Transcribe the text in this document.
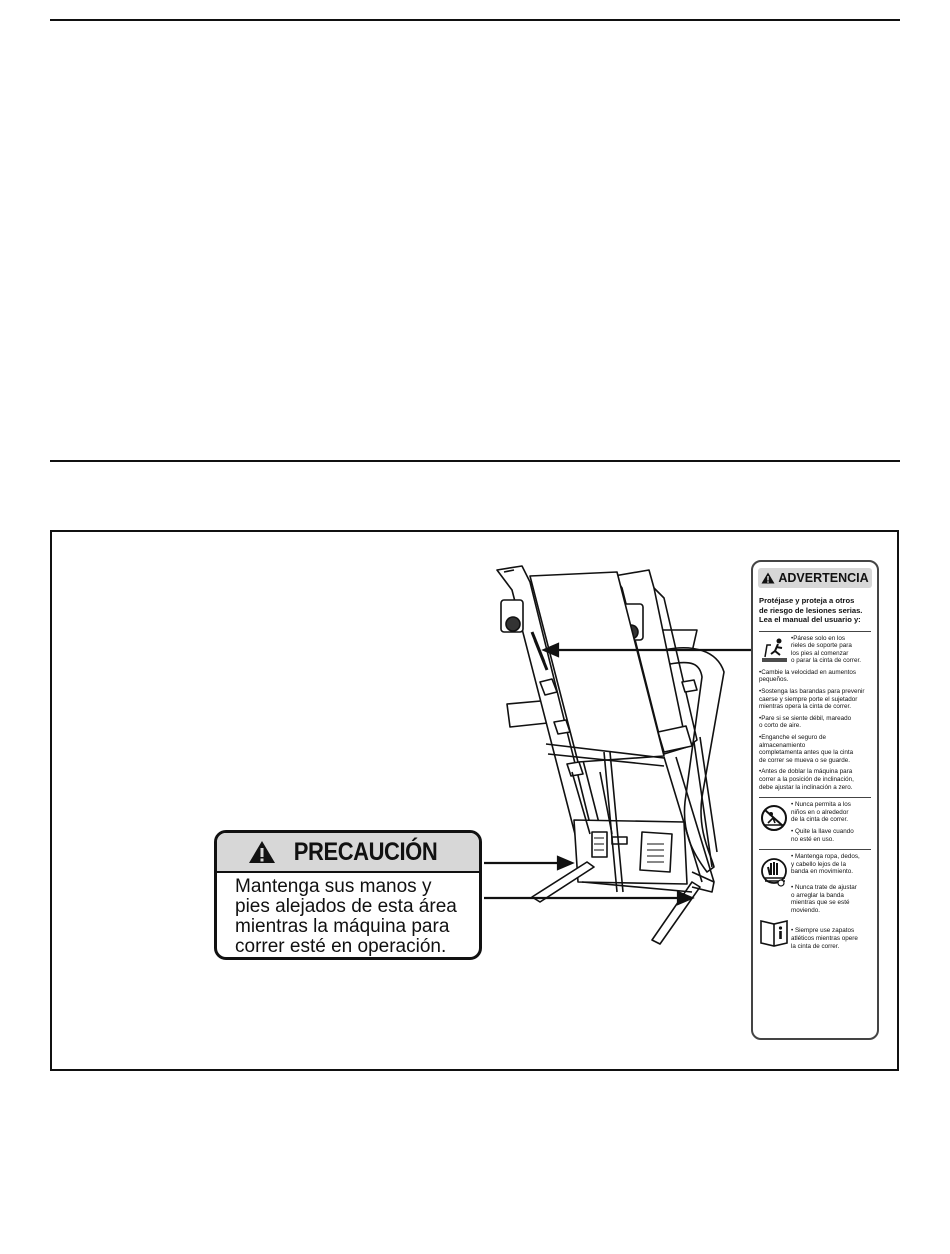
PRECAUCIÓN
Mantenga sus manos y
pies alejados de esta área
mientras la máquina para
correr esté en operación.
ADVERTENCIA
Protéjase y proteja a otros
de riesgo de lesiones serias.
Lea el manual del usuario y:
•Párese solo en los
rieles de soporte para
los pies al comenzar
o parar la cinta de correr.
•Cambie la velocidad en aumentos
pequeños.
•Sostenga las barandas para prevenir
caerse y siempre porte el sujetador
mientras opera la cinta de correr.
•Pare si se siente débil, mareado
o corto de aire.
•Enganche el seguro de
almacenamiento
completamenta antes que la cinta
de correr se mueva o se guarde.
•Antes de doblar la máquina para
correr a la posición de inclinación,
debe ajustar la inclinación a zero.
• Nunca permita a los
niños en o alrededor
de la cinta de correr.
• Quite la llave cuando
no esté en uso.
• Mantenga ropa, dedos,
y cabello lejos de la
banda en movimiento.
• Nunca trate de ajustar
o arreglar la banda
mientras que se esté
moviendo.
• Siempre use zapatos
atléticos mientras opere
la cinta de correr.
